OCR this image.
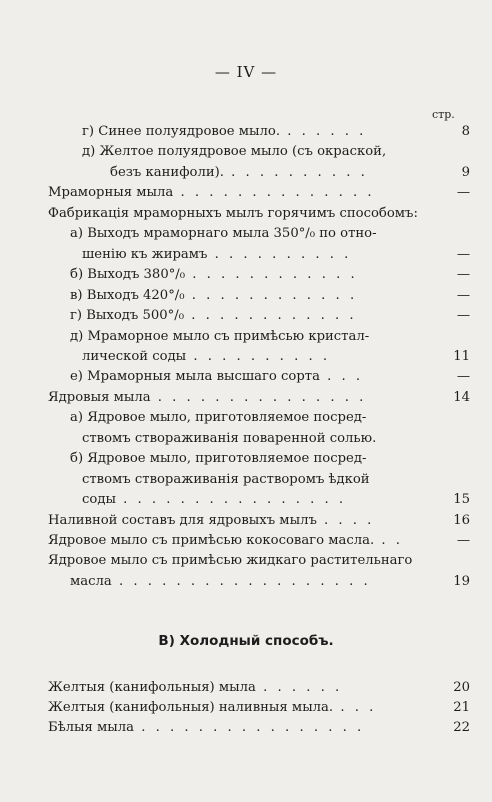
— IV —
стр.
г) Синее полуядровое мыло. . . . . . .	8
д) Желтое полуядровое мыло (съ окраской,
безъ канифоли). . . . . . . . . . .	9
Мраморныя мыла . . . . . . . . . . . . . .	—
Фабрикація мраморныхъ мылъ горячимъ способомъ:
а) Выходъ мраморнаго мыла 350°/₀ по отно-
шенію къ жирамъ . . . . . . . . . .	—
б) Выходъ 380°/₀ . . . . . . . . . . . .	—
в) Выходъ 420°/₀ . . . . . . . . . . . .	—
г) Выходъ 500°/₀ . . . . . . . . . . . .	—
д) Мраморное мыло съ примѣсью кристал-
лической соды . . . . . . . . . .	11
е) Мраморныя мыла высшаго сорта . . .	—
Ядровыя мыла . . . . . . . . . . . . . . .	14
а) Ядровое мыло, приготовляемое посред-
ствомъ створаживанія поваренной солью.
б) Ядровое мыло, приготовляемое посред-
ствомъ створаживанія растворомъ ѣдкой
соды . . . . . . . . . . . . . . . .	15
Наливной составъ для ядровыхъ мылъ . . . .	16
Ядровое мыло съ примѣсью кокосоваго масла. . .	—
Ядровое мыло съ примѣсью жидкаго растительнаго
масла . . . . . . . . . . . . . . . . . .	19
В) Холодный способъ.
Желтыя (канифольныя) мыла . . . . . .	20
Желтыя (канифольныя) наливныя мыла. . . .	21
Бѣлыя мыла . . . . . . . . . . . . . . . .	22
